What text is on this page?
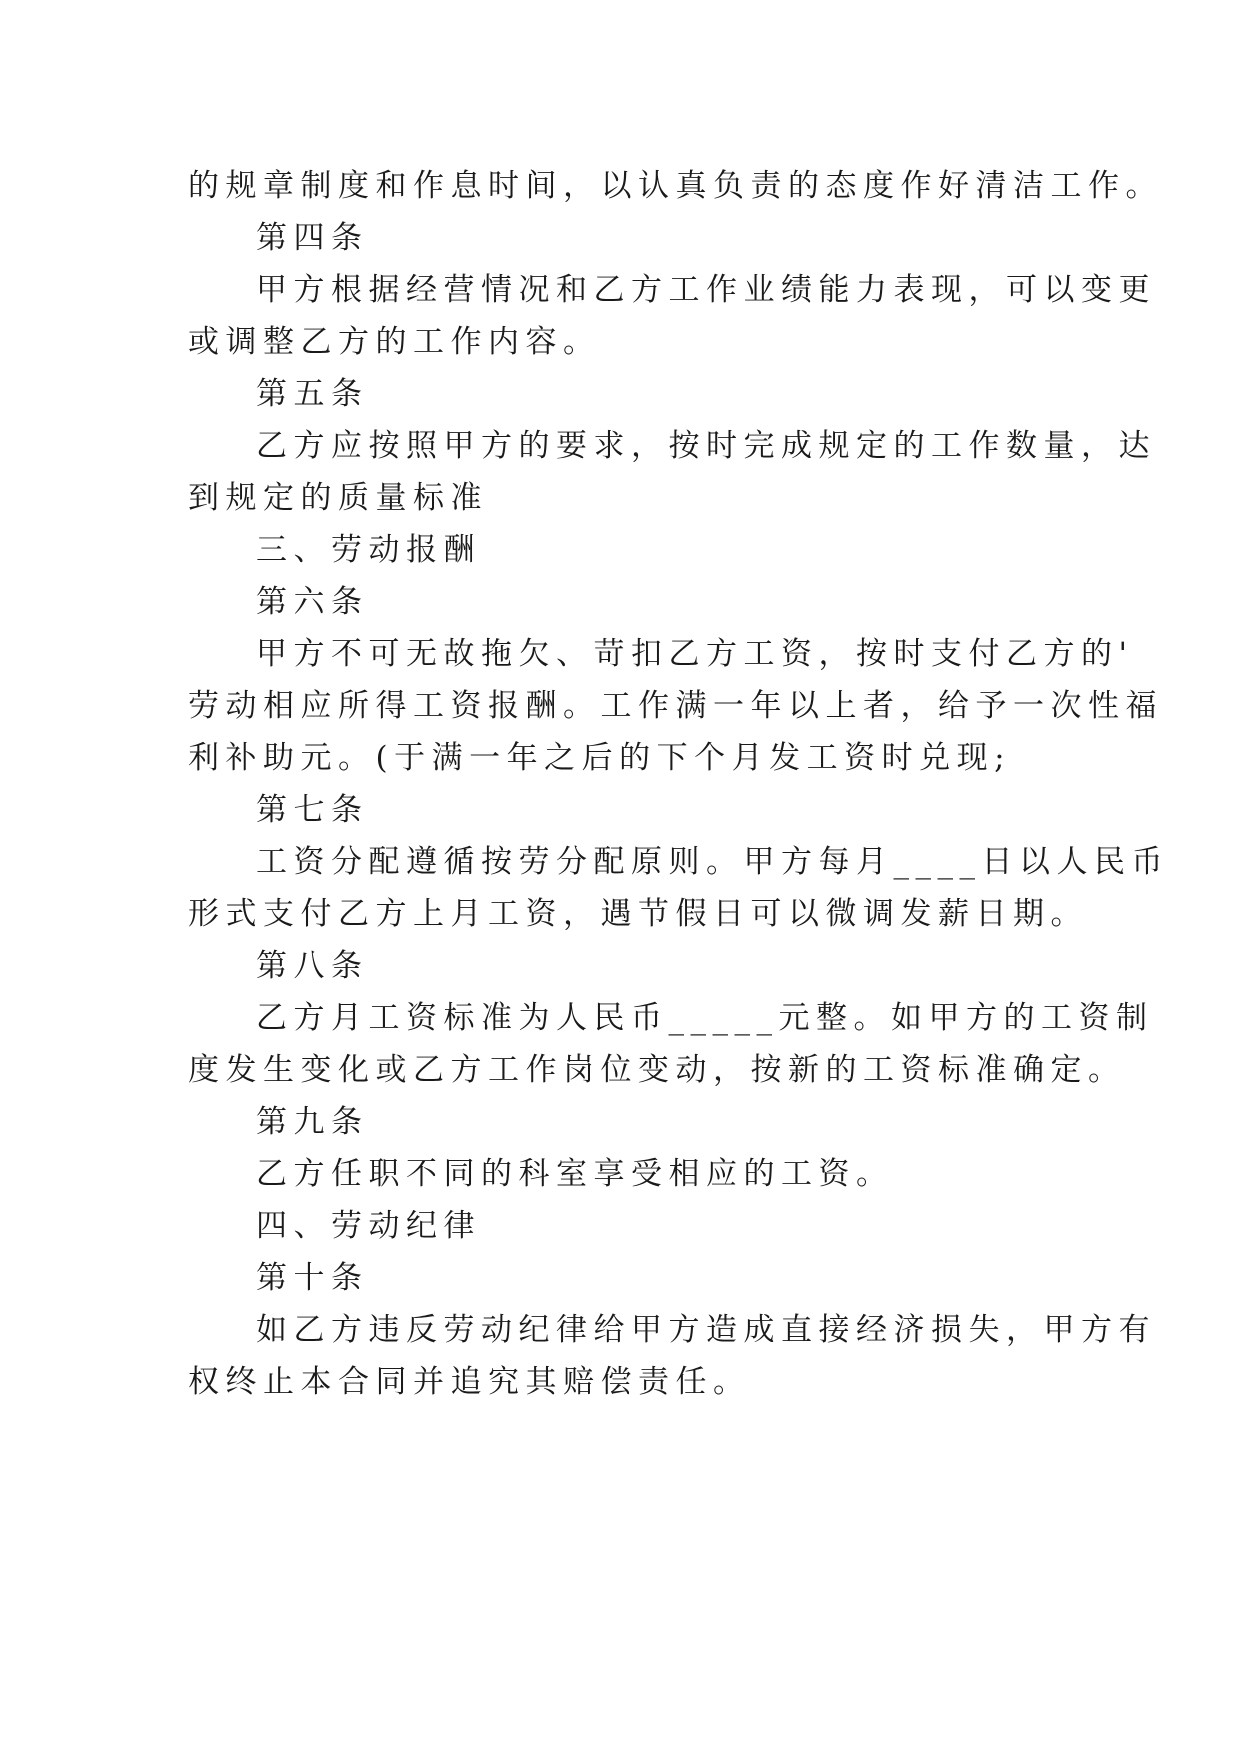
的规章制度和作息时间，以认真负责的态度作好清洁工作。
第四条
甲方根据经营情况和乙方工作业绩能力表现，可以变更
或调整乙方的工作内容。
第五条
乙方应按照甲方的要求，按时完成规定的工作数量，达
到规定的质量标准
三、劳动报酬
第六条
甲方不可无故拖欠、苛扣乙方工资，按时支付乙方的'
劳动相应所得工资报酬。工作满一年以上者，给予一次性福
利补助元。(于满一年之后的下个月发工资时兑现;
第七条
工资分配遵循按劳分配原则。甲方每月____日以人民币
形式支付乙方上月工资，遇节假日可以微调发薪日期。
第八条
乙方月工资标准为人民币_____元整。如甲方的工资制
度发生变化或乙方工作岗位变动，按新的工资标准确定。
第九条
乙方任职不同的科室享受相应的工资。
四、劳动纪律
第十条
如乙方违反劳动纪律给甲方造成直接经济损失，甲方有
权终止本合同并追究其赔偿责任。
